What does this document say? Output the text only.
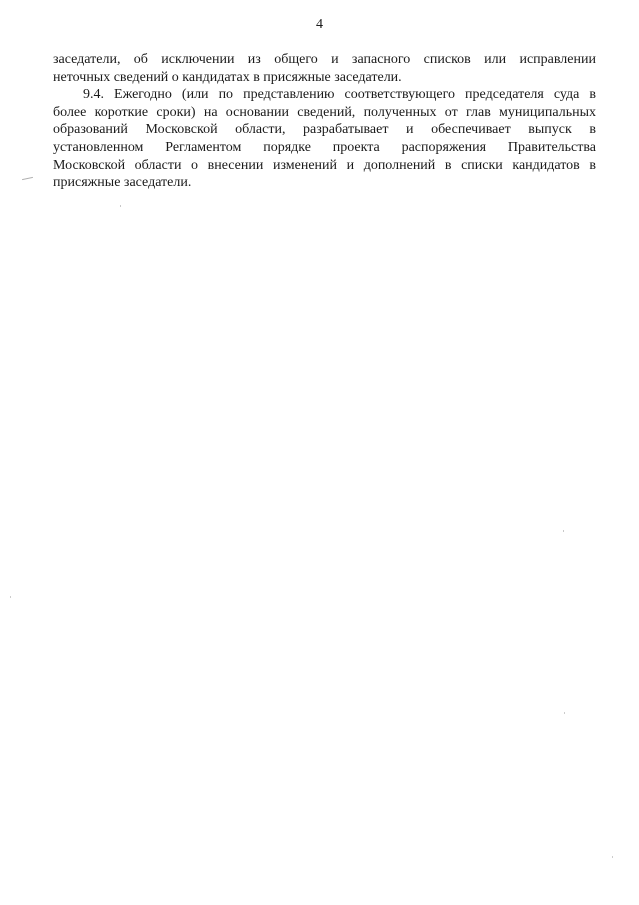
4

заседатели, об исключении из общего и запасного списков или исправлении
неточных сведений о кандидатах в присяжные заседатели.

9.4. Ежегодно (или по представлению соответствующего председателя суда в
более короткие сроки) на основании сведений, полученных от глав муниципальных
образований Московской области, разрабатывает и обеспечивает выпуск в
установленном Регламентом порядке проекта распоряжения Правительства
Московской области о внесении изменений и дополнений в списки кандидатов в
присяжные заседатели.
